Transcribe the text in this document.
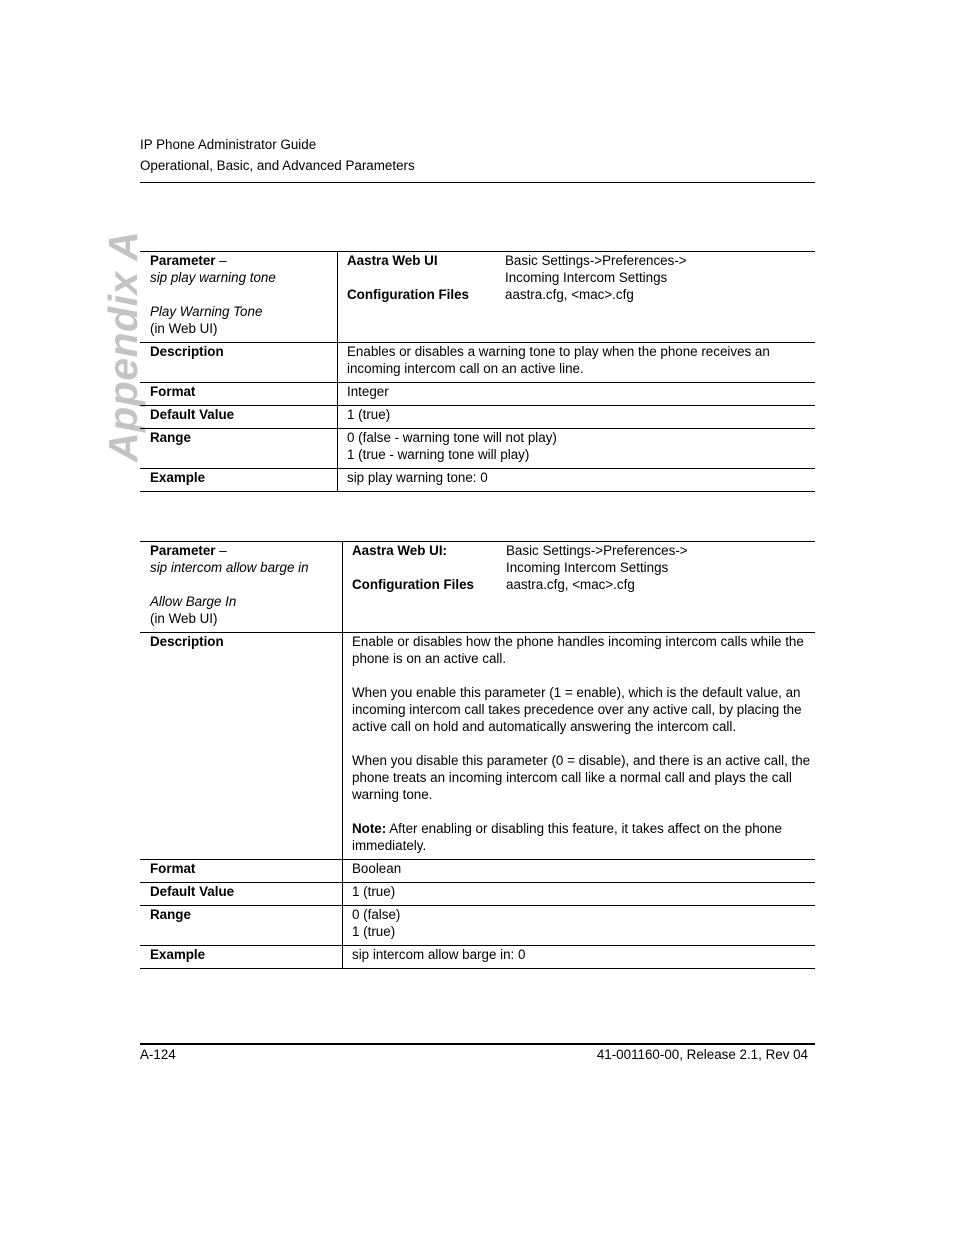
IP Phone Administrator Guide
Operational, Basic, and Advanced Parameters
Appendix A Parameter –
sip play warning tone
Play Warning Tone
(in Web UI)
Aastra Web UI	Basic Settings->Preferences->
Incoming Intercom Settings
Configuration Files	aastra.cfg, <mac>.cfg
Description	Enables or disables a warning tone to play when the phone receives an incoming intercom call on an active line.
Format	Integer
Default Value	1 (true)
Range	0 (false - warning tone will not play)
1 (true - warning tone will play)
Example	sip play warning tone: 0
Parameter –
sip intercom allow barge in
Allow Barge In
(in Web UI)
Aastra Web UI:	Basic Settings->Preferences->
Incoming Intercom Settings
Configuration Files	aastra.cfg, <mac>.cfg
Description	Enable or disables how the phone handles incoming intercom calls while the phone is on an active call.
When you enable this parameter (1 = enable), which is the default value, an incoming intercom call takes precedence over any active call, by placing the active call on hold and automatically answering the intercom call.
When you disable this parameter (0 = disable), and there is an active call, the phone treats an incoming intercom call like a normal call and plays the call warning tone.
Note: After enabling or disabling this feature, it takes affect on the phone immediately.
Format	Boolean
Default Value	1 (true)
Range	0 (false)
1 (true)
Example	sip intercom allow barge in: 0
A-124	41-001160-00, Release 2.1, Rev 04
